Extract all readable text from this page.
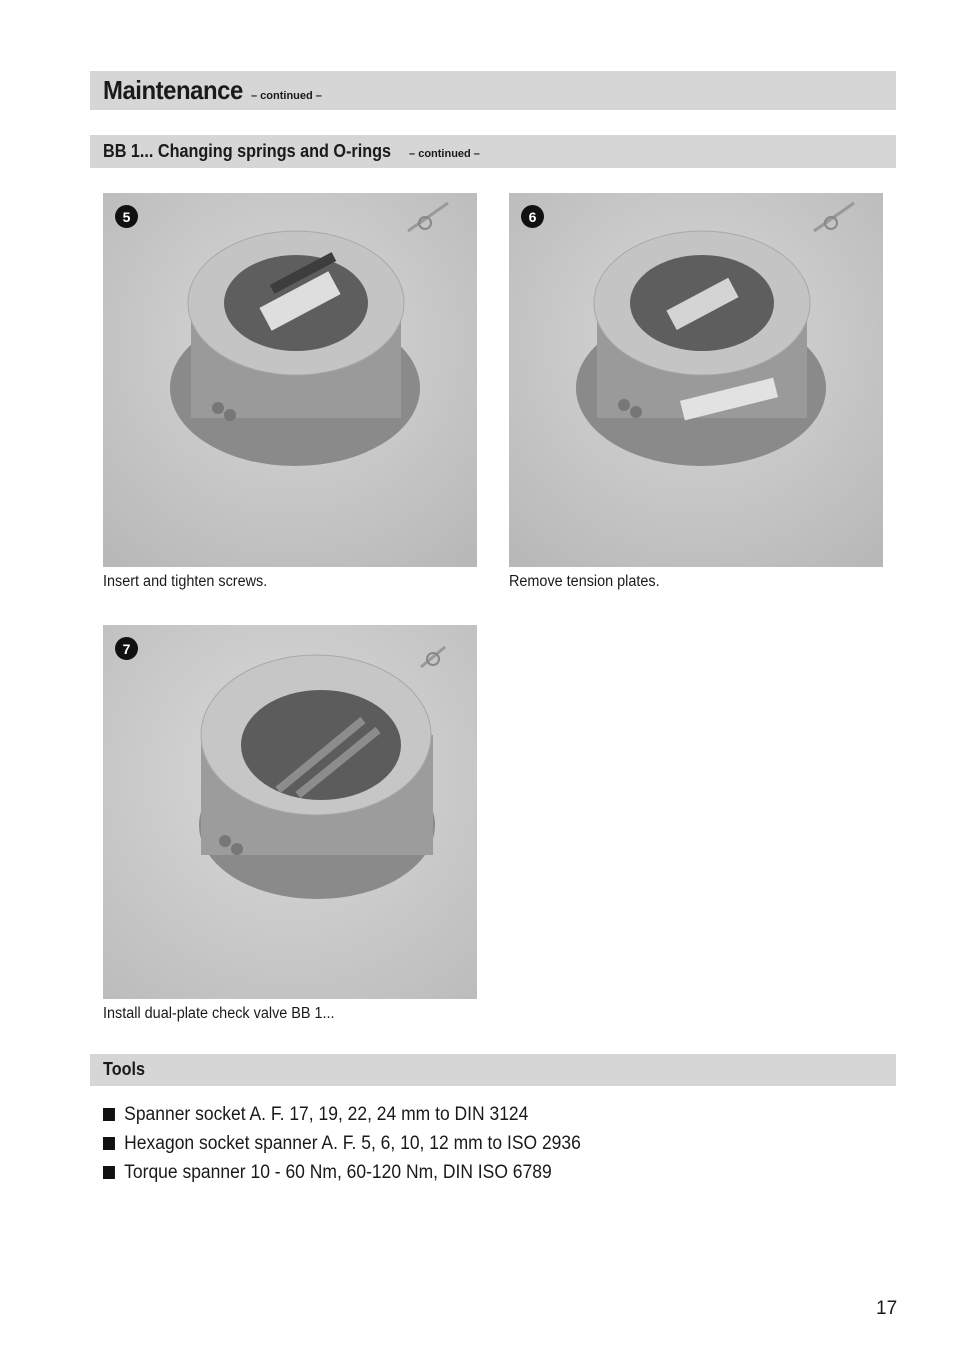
Maintenance – continued –
BB 1... Changing springs and O-rings – continued –
5
Insert and tighten screws.
6
Remove tension plates.
7
Install dual-plate check valve BB 1...
Tools
Spanner socket A. F. 17, 19, 22, 24 mm to DIN 3124
Hexagon socket spanner A. F. 5, 6, 10, 12 mm to ISO 2936
Torque spanner 10 - 60 Nm, 60-120 Nm, DIN ISO 6789
17
